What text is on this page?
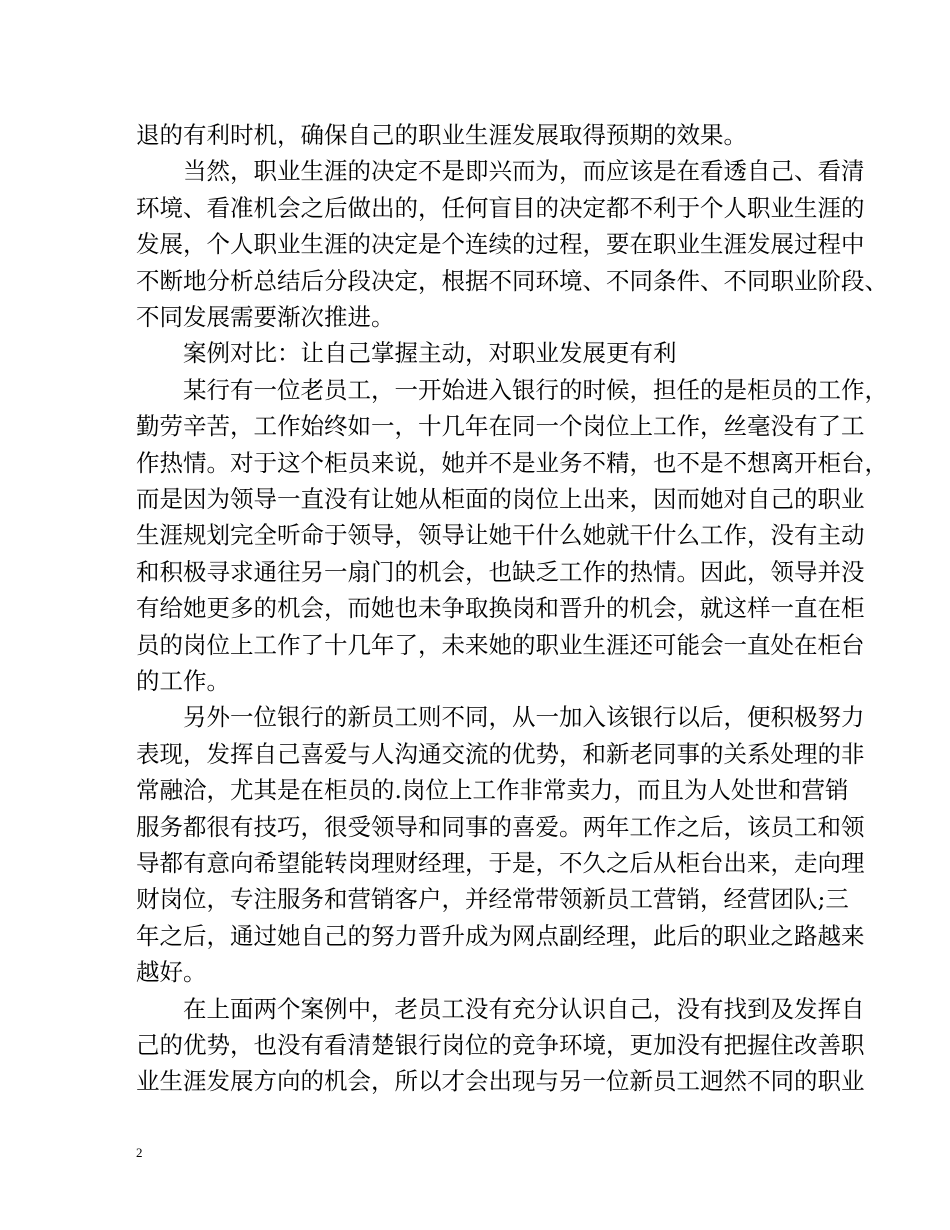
退的有利时机，确保自己的职业生涯发展取得预期的效果。
当然，职业生涯的决定不是即兴而为，而应该是在看透自己、看清
环境、看准机会之后做出的，任何盲目的决定都不利于个人职业生涯的
发展，个人职业生涯的决定是个连续的过程，要在职业生涯发展过程中
不断地分析总结后分段决定，根据不同环境、不同条件、不同职业阶段、
不同发展需要渐次推进。
案例对比：让自己掌握主动，对职业发展更有利
某行有一位老员工，一开始进入银行的时候，担任的是柜员的工作，
勤劳辛苦，工作始终如一，十几年在同一个岗位上工作，丝毫没有了工
作热情。对于这个柜员来说，她并不是业务不精，也不是不想离开柜台，
而是因为领导一直没有让她从柜面的岗位上出来，因而她对自己的职业
生涯规划完全听命于领导，领导让她干什么她就干什么工作，没有主动
和积极寻求通往另一扇门的机会，也缺乏工作的热情。因此，领导并没
有给她更多的机会，而她也未争取换岗和晋升的机会，就这样一直在柜
员的岗位上工作了十几年了，未来她的职业生涯还可能会一直处在柜台
的工作。
另外一位银行的新员工则不同，从一加入该银行以后，便积极努力
表现，发挥自己喜爱与人沟通交流的优势，和新老同事的关系处理的非
常融洽，尤其是在柜员的.岗位上工作非常卖力，而且为人处世和营销
服务都很有技巧，很受领导和同事的喜爱。两年工作之后，该员工和领
导都有意向希望能转岗理财经理，于是，不久之后从柜台出来，走向理
财岗位，专注服务和营销客户，并经常带领新员工营销，经营团队;三
年之后，通过她自己的努力晋升成为网点副经理，此后的职业之路越来
越好。
在上面两个案例中，老员工没有充分认识自己，没有找到及发挥自
己的优势，也没有看清楚银行岗位的竞争环境，更加没有把握住改善职
业生涯发展方向的机会，所以才会出现与另一位新员工迥然不同的职业
2
